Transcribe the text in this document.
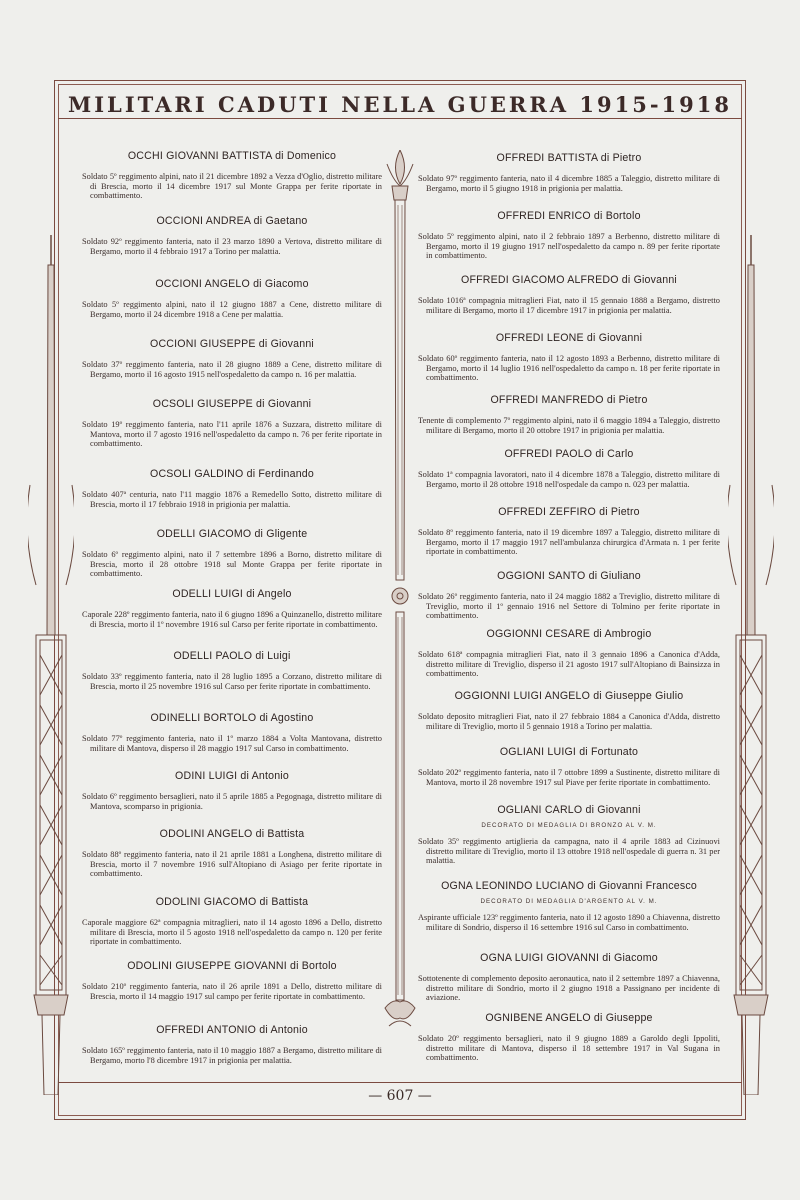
MILITARI CADUTI NELLA GUERRA 1915-1918

OCCHI GIOVANNI BATTISTA di Domenico

Soldato 5º reggimento alpini, nato il 21 dicembre 1892 a Vezza d'Oglio, distretto militare di Brescia, morto il 14 dicembre 1917 sul Monte Grappa per ferite riportate in combattimento.

OCCIONI ANDREA di Gaetano

Soldato 92º reggimento fanteria, nato il 23 marzo 1890 a Vertova, distretto militare di Bergamo, morto il 4 febbraio 1917 a Torino per malattia.

OCCIONI ANGELO di Giacomo

Soldato 5º reggimento alpini, nato il 12 giugno 1887 a Cene, distretto militare di Bergamo, morto il 24 dicembre 1918 a Cene per malattia.

OCCIONI GIUSEPPE di Giovanni

Soldato 37º reggimento fanteria, nato il 28 giugno 1889 a Cene, distretto militare di Bergamo, morto il 16 agosto 1915 nell'ospedaletto da campo n. 16 per malattia.

OCSOLI GIUSEPPE di Giovanni

Soldato 19º reggimento fanteria, nato l'11 aprile 1876 a Suzzara, distretto militare di Mantova, morto il 7 agosto 1916 nell'ospedaletto da campo n. 76 per ferite riportate in combattimento.

OCSOLI GALDINO di Ferdinando

Soldato 407ª centuria, nato l'11 maggio 1876 a Remedello Sotto, distretto militare di Brescia, morto il 17 febbraio 1918 in prigionia per malattia.

ODELLI GIACOMO di Gligente

Soldato 6º reggimento alpini, nato il 7 settembre 1896 a Borno, distretto militare di Brescia, morto il 28 ottobre 1918 sul Monte Grappa per ferite riportate in combattimento.

ODELLI LUIGI di Angelo

Caporale 228º reggimento fanteria, nato il 6 giugno 1896 a Quinzanello, distretto militare di Brescia, morto il 1º novembre 1916 sul Carso per ferite riportate in combattimento.

ODELLI PAOLO di Luigi

Soldato 33º reggimento fanteria, nato il 28 luglio 1895 a Corzano, distretto militare di Brescia, morto il 25 novembre 1916 sul Carso per ferite riportate in combattimento.

ODINELLI BORTOLO di Agostino

Soldato 77º reggimento fanteria, nato il 1º marzo 1884 a Volta Mantovana, distretto militare di Mantova, disperso il 28 maggio 1917 sul Carso in combattimento.

ODINI LUIGI di Antonio

Soldato 6º reggimento bersaglieri, nato il 5 aprile 1885 a Pegognaga, distretto militare di Mantova, scomparso in prigionia.

ODOLINI ANGELO di Battista

Soldato 88º reggimento fanteria, nato il 21 aprile 1881 a Longhena, distretto militare di Brescia, morto il 7 novembre 1916 sull'Altopiano di Asiago per ferite riportate in combattimento.

ODOLINI GIACOMO di Battista

Caporale maggiore 62ª compagnia mitraglieri, nato il 14 agosto 1896 a Dello, distretto militare di Brescia, morto il 5 agosto 1918 nell'ospedaletto da campo n. 120 per ferite riportate in combattimento.

ODOLINI GIUSEPPE GIOVANNI di Bortolo

Soldato 210º reggimento fanteria, nato il 26 aprile 1891 a Dello, distretto militare di Brescia, morto il 14 maggio 1917 sul campo per ferite riportate in combattimento.

OFFREDI ANTONIO di Antonio

Soldato 165º reggimento fanteria, nato il 10 maggio 1887 a Bergamo, distretto militare di Bergamo, morto l'8 dicembre 1917 in prigionia per malattia.

OFFREDI BATTISTA di Pietro

Soldato 97º reggimento fanteria, nato il 4 dicembre 1885 a Taleggio, distretto militare di Bergamo, morto il 5 giugno 1918 in prigionia per malattia.

OFFREDI ENRICO di Bortolo

Soldato 5º reggimento alpini, nato il 2 febbraio 1897 a Berbenno, distretto militare di Bergamo, morto il 19 giugno 1917 nell'ospedaletto da campo n. 89 per ferite riportate in combattimento.

OFFREDI GIACOMO ALFREDO di Giovanni

Soldato 1016ª compagnia mitraglieri Fiat, nato il 15 gennaio 1888 a Bergamo, distretto militare di Bergamo, morto il 17 dicembre 1917 in prigionia per malattia.

OFFREDI LEONE di Giovanni

Soldato 60º reggimento fanteria, nato il 12 agosto 1893 a Berbenno, distretto militare di Bergamo, morto il 14 luglio 1916 nell'ospedaletto da campo n. 18 per ferite riportate in combattimento.

OFFREDI MANFREDO di Pietro

Tenente di complemento 7º reggimento alpini, nato il 6 maggio 1894 a Taleggio, distretto militare di Bergamo, morto il 20 ottobre 1917 in prigionia per malattia.

OFFREDI PAOLO di Carlo

Soldato 1ª compagnia lavoratori, nato il 4 dicembre 1878 a Taleggio, distretto militare di Bergamo, morto il 28 ottobre 1918 nell'ospedale da campo n. 023 per malattia.

OFFREDI ZEFFIRO di Pietro

Soldato 8º reggimento fanteria, nato il 19 dicembre 1897 a Taleggio, distretto militare di Bergamo, morto il 17 maggio 1917 nell'ambulanza chirurgica d'Armata n. 1 per ferite riportate in combattimento.

OGGIONI SANTO di Giuliano

Soldato 26º reggimento fanteria, nato il 24 maggio 1882 a Treviglio, distretto militare di Treviglio, morto il 1º gennaio 1916 nel Settore di Tolmino per ferite riportate in combattimento.

OGGIONNI CESARE di Ambrogio

Soldato 618ª compagnia mitraglieri Fiat, nato il 3 gennaio 1896 a Canonica d'Adda, distretto militare di Treviglio, disperso il 21 agosto 1917 sull'Altopiano di Bainsizza in combattimento.

OGGIONNI LUIGI ANGELO di Giuseppe Giulio

Soldato deposito mitraglieri Fiat, nato il 27 febbraio 1884 a Canonica d'Adda, distretto militare di Treviglio, morto il 5 gennaio 1918 a Torino per malattia.

OGLIANI LUIGI di Fortunato

Soldato 202º reggimento fanteria, nato il 7 ottobre 1899 a Sustinente, distretto militare di Mantova, morto il 28 novembre 1917 sul Piave per ferite riportate in combattimento.

OGLIANI CARLO di Giovanni

DECORATO DI MEDAGLIA DI BRONZO AL V. M.

Soldato 35º reggimento artiglieria da campagna, nato il 4 aprile 1883 ad Cizinuovi distretto militare di Treviglio, morto il 13 ottobre 1918 nell'ospedale di guerra n. 31 per malattia.

OGNA LEONINDO LUCIANO di Giovanni Francesco

DECORATO DI MEDAGLIA D'ARGENTO AL V. M.

Aspirante ufficiale 123º reggimento fanteria, nato il 12 agosto 1890 a Chiavenna, distretto militare di Sondrio, disperso il 16 settembre 1916 sul Carso in combattimento.

OGNA LUIGI GIOVANNI di Giacomo

Sottotenente di complemento deposito aeronautica, nato il 2 settembre 1897 a Chiavenna, distretto militare di Sondrio, morto il 2 giugno 1918 a Passignano per incidente di aviazione.

OGNIBENE ANGELO di Giuseppe

Soldato 20º reggimento bersaglieri, nato il 9 giugno 1889 a Garoldo degli Ippoliti, distretto militare di Mantova, disperso il 18 settembre 1917 in Val Sugana in combattimento.

— 607 —
